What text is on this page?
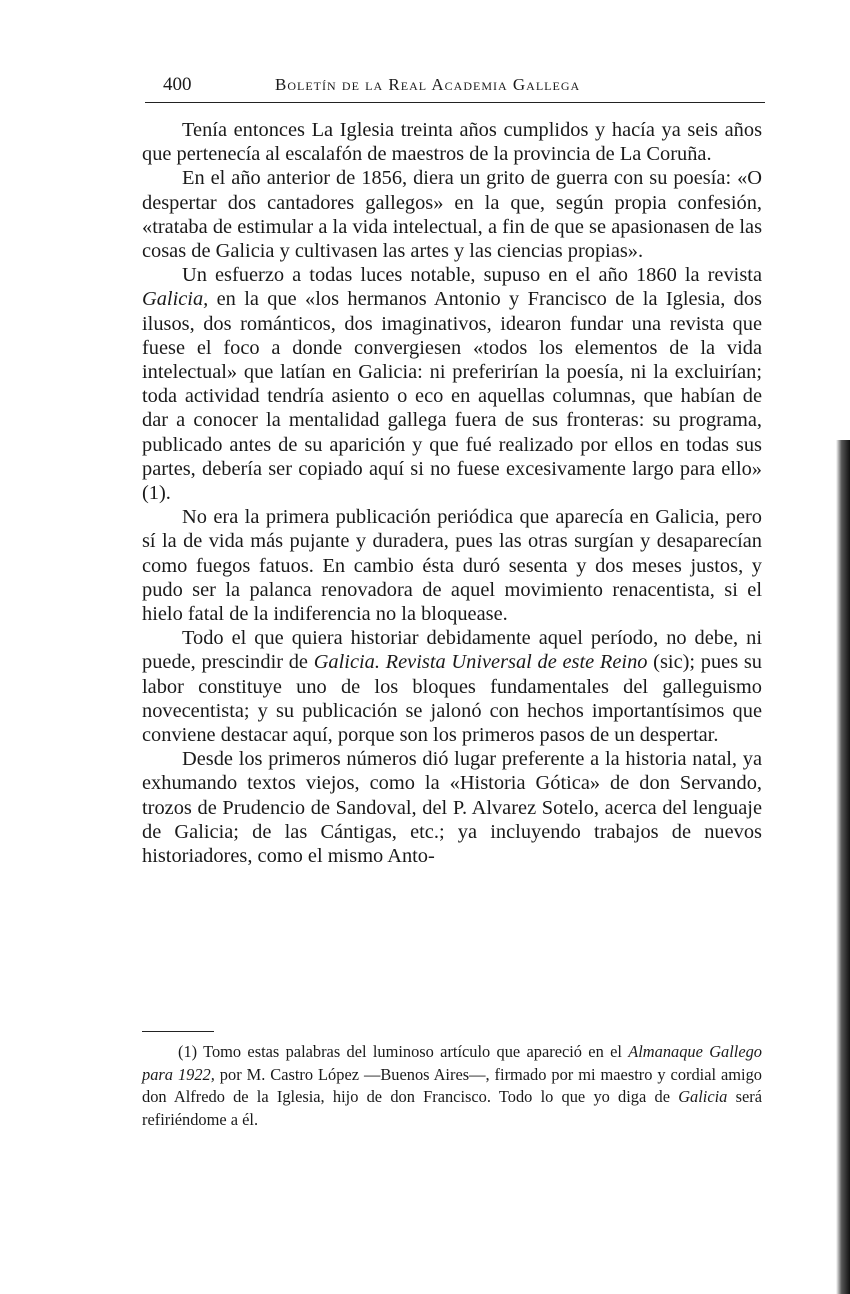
400	Boletín de la Real Academia Gallega

Tenía entonces La Iglesia treinta años cumplidos y hacía ya seis años que pertenecía al escalafón de maestros de la provincia de La Coruña.

En el año anterior de 1856, diera un grito de guerra con su poesía: «O despertar dos cantadores gallegos» en la que, según propia confesión, «trataba de estimular a la vida intelectual, a fin de que se apasionasen de las cosas de Galicia y cultivasen las artes y las ciencias propias».

Un esfuerzo a todas luces notable, supuso en el año 1860 la revista Galicia, en la que «los hermanos Antonio y Francisco de la Iglesia, dos ilusos, dos románticos, dos imaginativos, idearon fundar una revista que fuese el foco a donde convergiesen «todos los elementos de la vida intelectual» que latían en Galicia: ni preferirían la poesía, ni la excluirían; toda actividad tendría asiento o eco en aquellas columnas, que habían de dar a conocer la mentalidad gallega fuera de sus fronteras: su programa, publicado antes de su aparición y que fué realizado por ellos en todas sus partes, debería ser copiado aquí si no fuese excesivamente largo para ello» (1).

No era la primera publicación periódica que aparecía en Galicia, pero sí la de vida más pujante y duradera, pues las otras surgían y desaparecían como fuegos fatuos. En cambio ésta duró sesenta y dos meses justos, y pudo ser la palanca renovadora de aquel movimiento renacentista, si el hielo fatal de la indiferencia no la bloquease.

Todo el que quiera historiar debidamente aquel período, no debe, ni puede, prescindir de Galicia. Revista Universal de este Reino (sic); pues su labor constituye uno de los bloques fundamentales del galleguismo novecentista; y su publicación se jalonó con hechos importantísimos que conviene destacar aquí, porque son los primeros pasos de un despertar.

Desde los primeros números dió lugar preferente a la historia natal, ya exhumando textos viejos, como la «Historia Gótica» de don Servando, trozos de Prudencio de Sandoval, del P. Alvarez Sotelo, acerca del lenguaje de Galicia; de las Cántigas, etc.; ya incluyendo trabajos de nuevos historiadores, como el mismo Anto-

(1) Tomo estas palabras del luminoso artículo que apareció en el Almanaque Gallego para 1922, por M. Castro López —Buenos Aires—, firmado por mi maestro y cordial amigo don Alfredo de la Iglesia, hijo de don Francisco. Todo lo que yo diga de Galicia será refiriéndome a él.
